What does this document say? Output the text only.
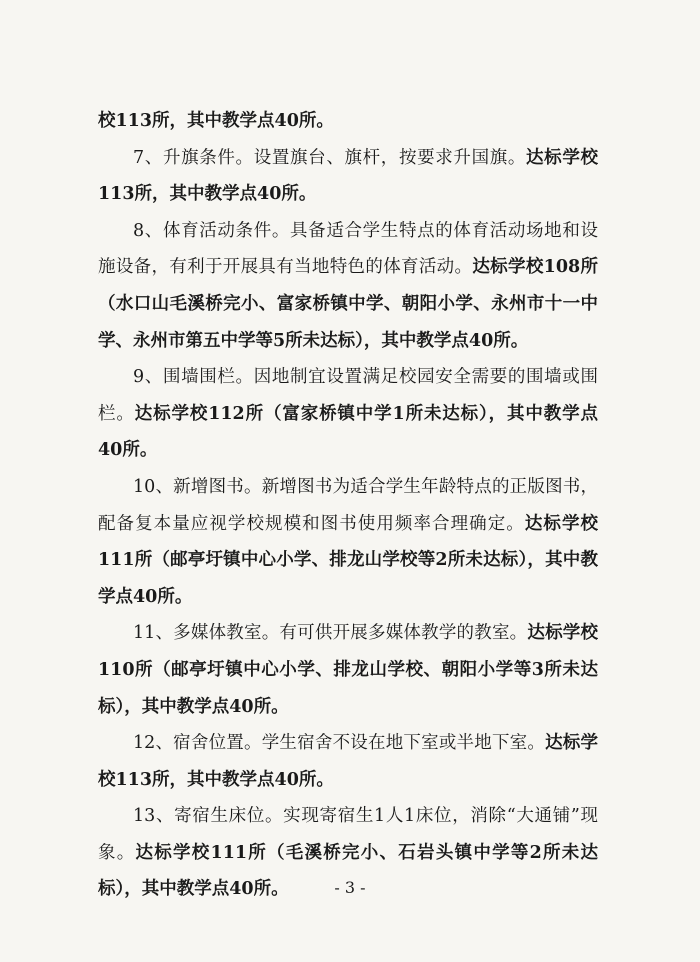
校113所，其中教学点40所。

7、升旗条件。设置旗台、旗杆，按要求升国旗。达标学校113所，其中教学点40所。

8、体育活动条件。具备适合学生特点的体育活动场地和设施设备，有利于开展具有当地特色的体育活动。达标学校108所（水口山毛溪桥完小、富家桥镇中学、朝阳小学、永州市十一中学、永州市第五中学等5所未达标），其中教学点40所。

9、围墙围栏。因地制宜设置满足校园安全需要的围墙或围栏。达标学校112所（富家桥镇中学1所未达标），其中教学点40所。

10、新增图书。新增图书为适合学生年龄特点的正版图书，配备复本量应视学校规模和图书使用频率合理确定。达标学校111所（邮亭圩镇中心小学、排龙山学校等2所未达标），其中教学点40所。

11、多媒体教室。有可供开展多媒体教学的教室。达标学校110所（邮亭圩镇中心小学、排龙山学校、朝阳小学等3所未达标），其中教学点40所。

12、宿舍位置。学生宿舍不设在地下室或半地下室。达标学校113所，其中教学点40所。

13、寄宿生床位。实现寄宿生1人1床位，消除“大通铺”现象。达标学校111所（毛溪桥完小、石岩头镇中学等2所未达标），其中教学点40所。	- 3 -
